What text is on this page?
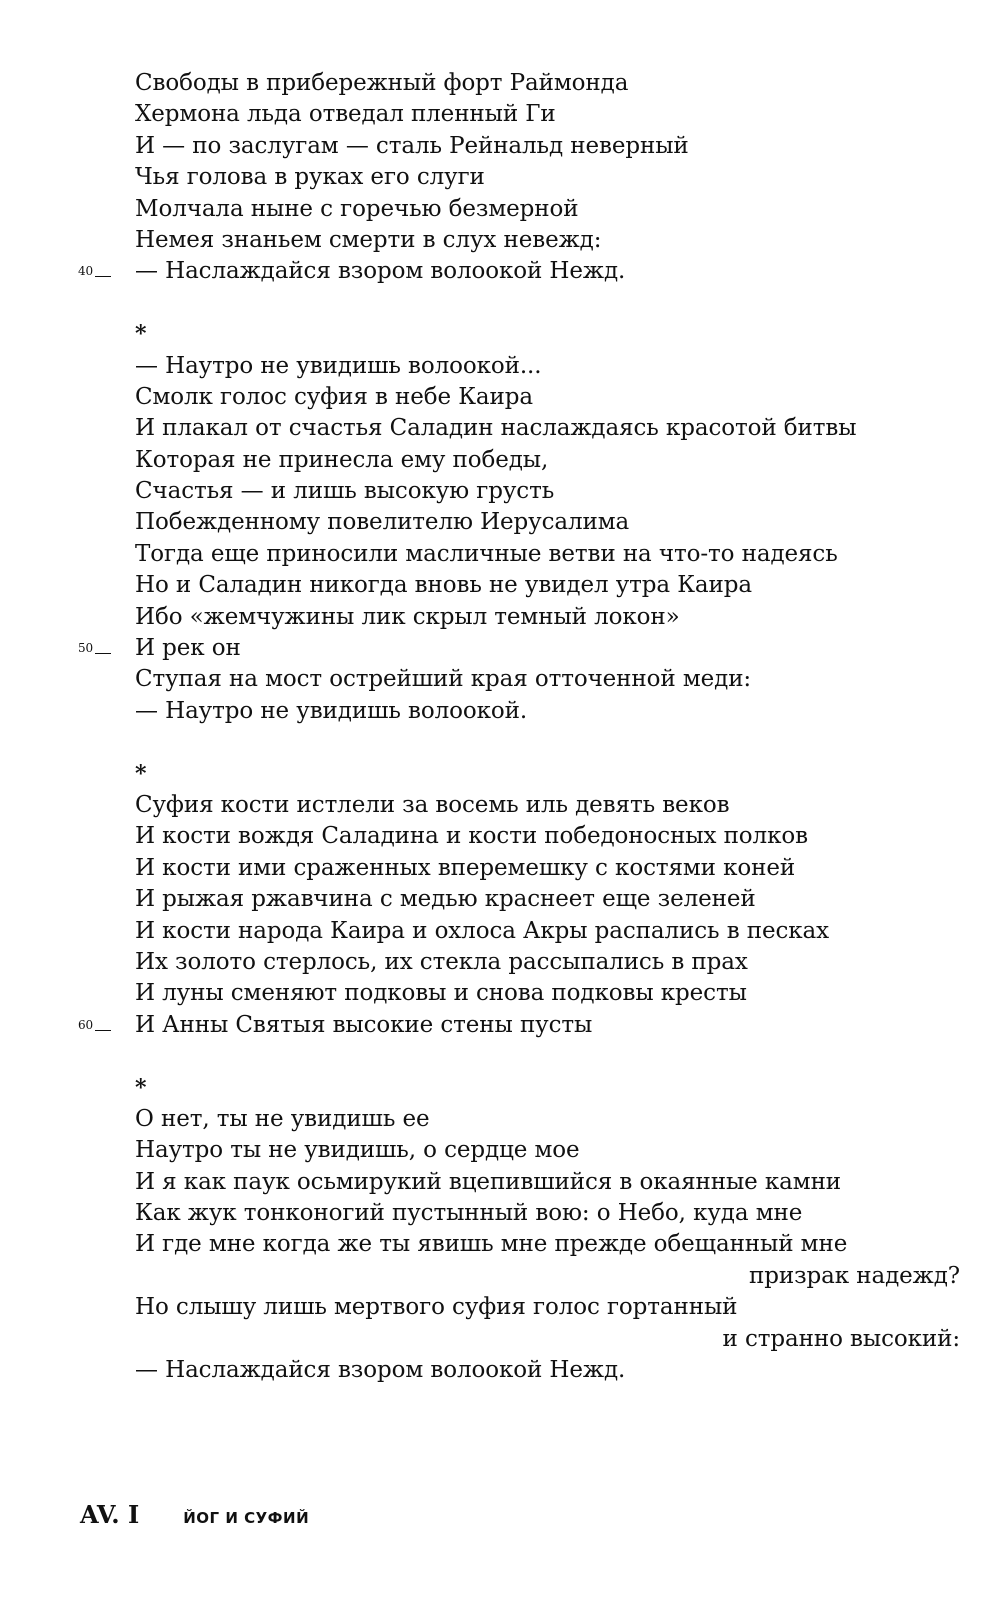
Свободы в прибережный форт Раймонда
Хермона льда отведал пленный Ги
И — по заслугам — сталь Рейнальд неверный
Чья голова в руках его слуги
Молчала ныне с горечью безмерной
Немея знаньем смерти в слух невежд:
40	— Наслаждайся взором волоокой Нежд.
*
— Наутро не увидишь волоокой...
Смолк голос суфия в небе Каира
И плакал от счастья Саладин наслаждаясь красотой битвы
Которая не принесла ему победы,
Счастья — и лишь высокую грусть
Побежденному повелителю Иерусалима
Тогда еще приносили масличные ветви на что-то надеясь
Но и Саладин никогда вновь не увидел утра Каира
Ибо «жемчужины лик скрыл темный локон»
50	И рек он
Ступая на мост острейший края отточенной меди:
— Наутро не увидишь волоокой.
*
Суфия кости истлели за восемь иль девять веков
И кости вождя Саладина и кости победоносных полков
И кости ими сраженных вперемешку с костями коней
И рыжая ржавчина с медью краснеет еще зеленей
И кости народа Каира и охлоса Акры распались в песках
Их золото стерлось, их стекла рассыпались в прах
И луны сменяют подковы и снова подковы кресты
60	И Анны Святыя высокие стены пусты
*
О нет, ты не увидишь ее
Наутро ты не увидишь, о сердце мое
И я как паук осьмирукий вцепившийся в окаянные камни
Как жук тонконогий пустынный вою: о Небо, куда мне
И где мне когда же ты явишь мне прежде обещанный мне
призрак надежд?
Но слышу лишь мертвого суфия голос гортанный
и странно высокий:
— Наслаждайся взором волоокой Нежд.
AV. I	ЙОГ И СУФИЙ
